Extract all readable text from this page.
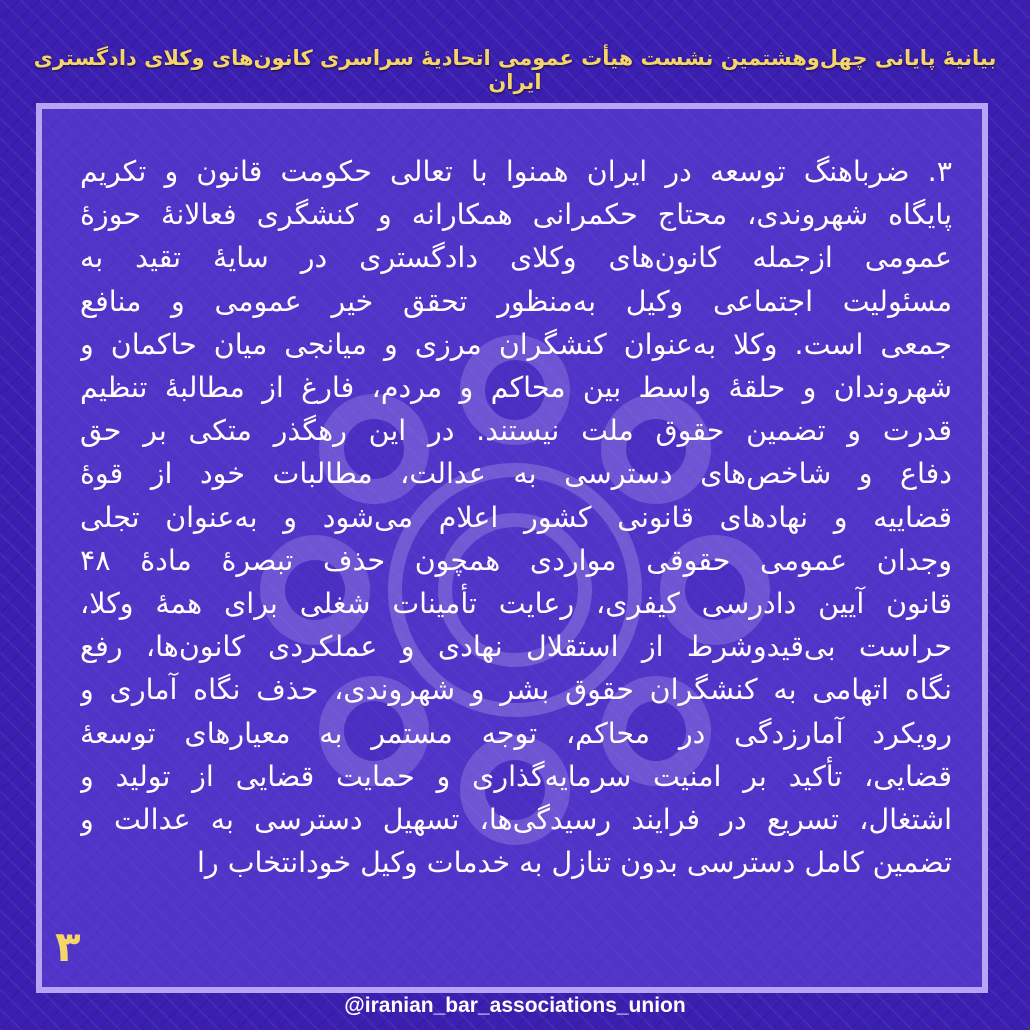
بیانیهٔ پایانی چهل‌وهشتمین نشست هیأت عمومی اتحادیهٔ سراسری کانون‌های وکلای دادگستری ایران
۳. ضرباهنگ توسعه در ایران همنوا با تعالی حکومت قانون و تکریم
پایگاه شهروندی، محتاج حکمرانی همکارانه و کنشگری فعالانهٔ حوزهٔ
عمومی ازجمله کانون‌های وکلای دادگستری در سایهٔ تقید به
مسئولیت اجتماعی وکیل به‌منظور تحقق خیر عمومی و منافع
جمعی است. وکلا به‌عنوان کنشگران مرزی و میانجی میان حاکمان و
شهروندان و حلقهٔ واسط بین محاکم و مردم، فارغ از مطالبهٔ تنظیم
قدرت و تضمین حقوق ملت نیستند. در این رهگذر متکی بر حق
دفاع و شاخص‌های دسترسی به عدالت، مطالبات خود از قوهٔ
قضاییه و نهادهای قانونی کشور اعلام می‌شود و به‌عنوان تجلی
وجدان عمومی حقوقی مواردی همچون حذف تبصرهٔ مادهٔ ۴۸
قانون آیین دادرسی کیفری، رعایت تأمینات شغلی برای همهٔ وکلا،
حراست بی‌قیدوشرط از استقلال نهادی و عملکردی کانون‌ها، رفع
نگاه اتهامی به کنشگران حقوق بشر و شهروندی، حذف نگاه آماری و
رویکرد آمارزدگی در محاکم، توجه مستمر به معیارهای توسعهٔ
قضایی، تأکید بر امنیت سرمایه‌گذاری و حمایت قضایی از تولید و
اشتغال، تسریع در فرایند رسیدگی‌ها، تسهیل دسترسی به عدالت و
تضمین کامل دسترسی بدون تنازل به خدمات وکیل خودانتخاب را
۳
@iranian_bar_associations_union
